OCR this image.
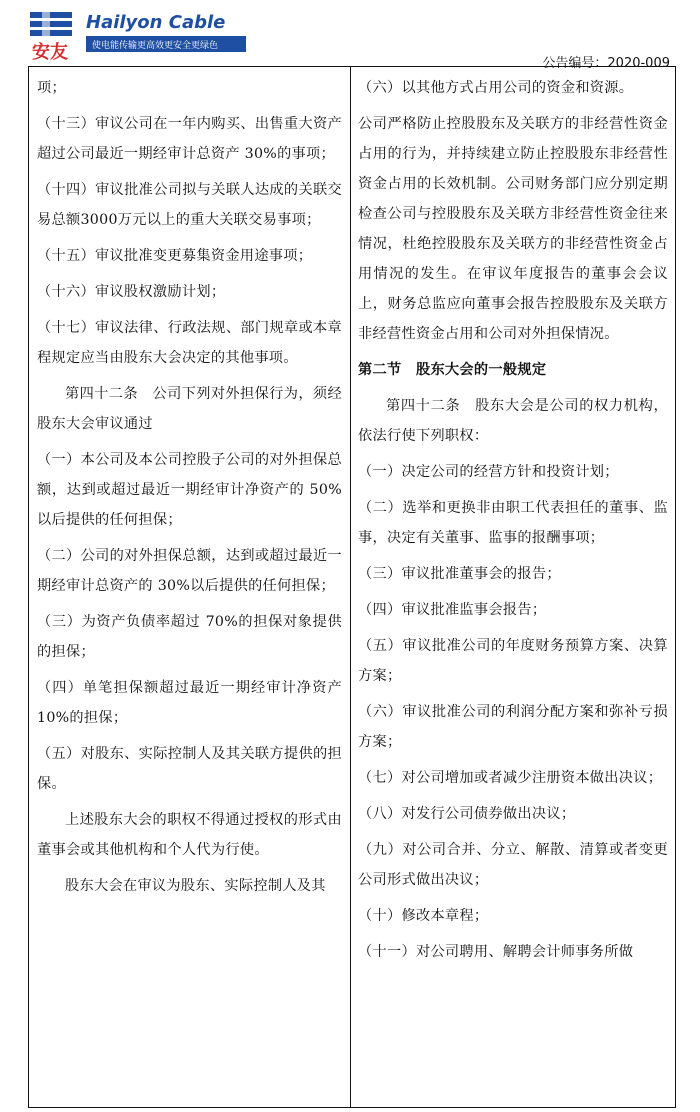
安友
Hailyon Cable
使电能传输更高效更安全更绿色
公告编号：2020-009

项；

（十三）审议公司在一年内购买、出售重大资产超过公司最近一期经审计总资产 30%的事项；

（十四）审议批准公司拟与关联人达成的关联交易总额3000万元以上的重大关联交易事项；

（十五）审议批准变更募集资金用途事项；

（十六）审议股权激励计划；

（十七）审议法律、行政法规、部门规章或本章程规定应当由股东大会决定的其他事项。

第四十二条　公司下列对外担保行为，须经股东大会审议通过

（一）本公司及本公司控股子公司的对外担保总额，达到或超过最近一期经审计净资产的 50%以后提供的任何担保；

（二）公司的对外担保总额，达到或超过最近一期经审计总资产的 30%以后提供的任何担保；

（三）为资产负债率超过 70%的担保对象提供的担保；

（四）单笔担保额超过最近一期经审计净资产 10%的担保；

（五）对股东、实际控制人及其关联方提供的担保。

上述股东大会的职权不得通过授权的形式由董事会或其他机构和个人代为行使。

股东大会在审议为股东、实际控制人及其

（六）以其他方式占用公司的资金和资源。

公司严格防止控股股东及关联方的非经营性资金占用的行为，并持续建立防止控股股东非经营性资金占用的长效机制。公司财务部门应分别定期检查公司与控股股东及关联方非经营性资金往来情况，杜绝控股股东及关联方的非经营性资金占用情况的发生。在审议年度报告的董事会会议上，财务总监应向董事会报告控股股东及关联方非经营性资金占用和公司对外担保情况。

第二节　股东大会的一般规定

第四十二条　股东大会是公司的权力机构，依法行使下列职权：

（一）决定公司的经营方针和投资计划；

（二）选举和更换非由职工代表担任的董事、监事，决定有关董事、监事的报酬事项；

（三）审议批准董事会的报告；

（四）审议批准监事会报告；

（五）审议批准公司的年度财务预算方案、决算方案；

（六）审议批准公司的利润分配方案和弥补亏损方案；

（七）对公司增加或者减少注册资本做出决议；

（八）对发行公司债券做出决议；

（九）对公司合并、分立、解散、清算或者变更公司形式做出决议；

（十）修改本章程；

（十一）对公司聘用、解聘会计师事务所做
